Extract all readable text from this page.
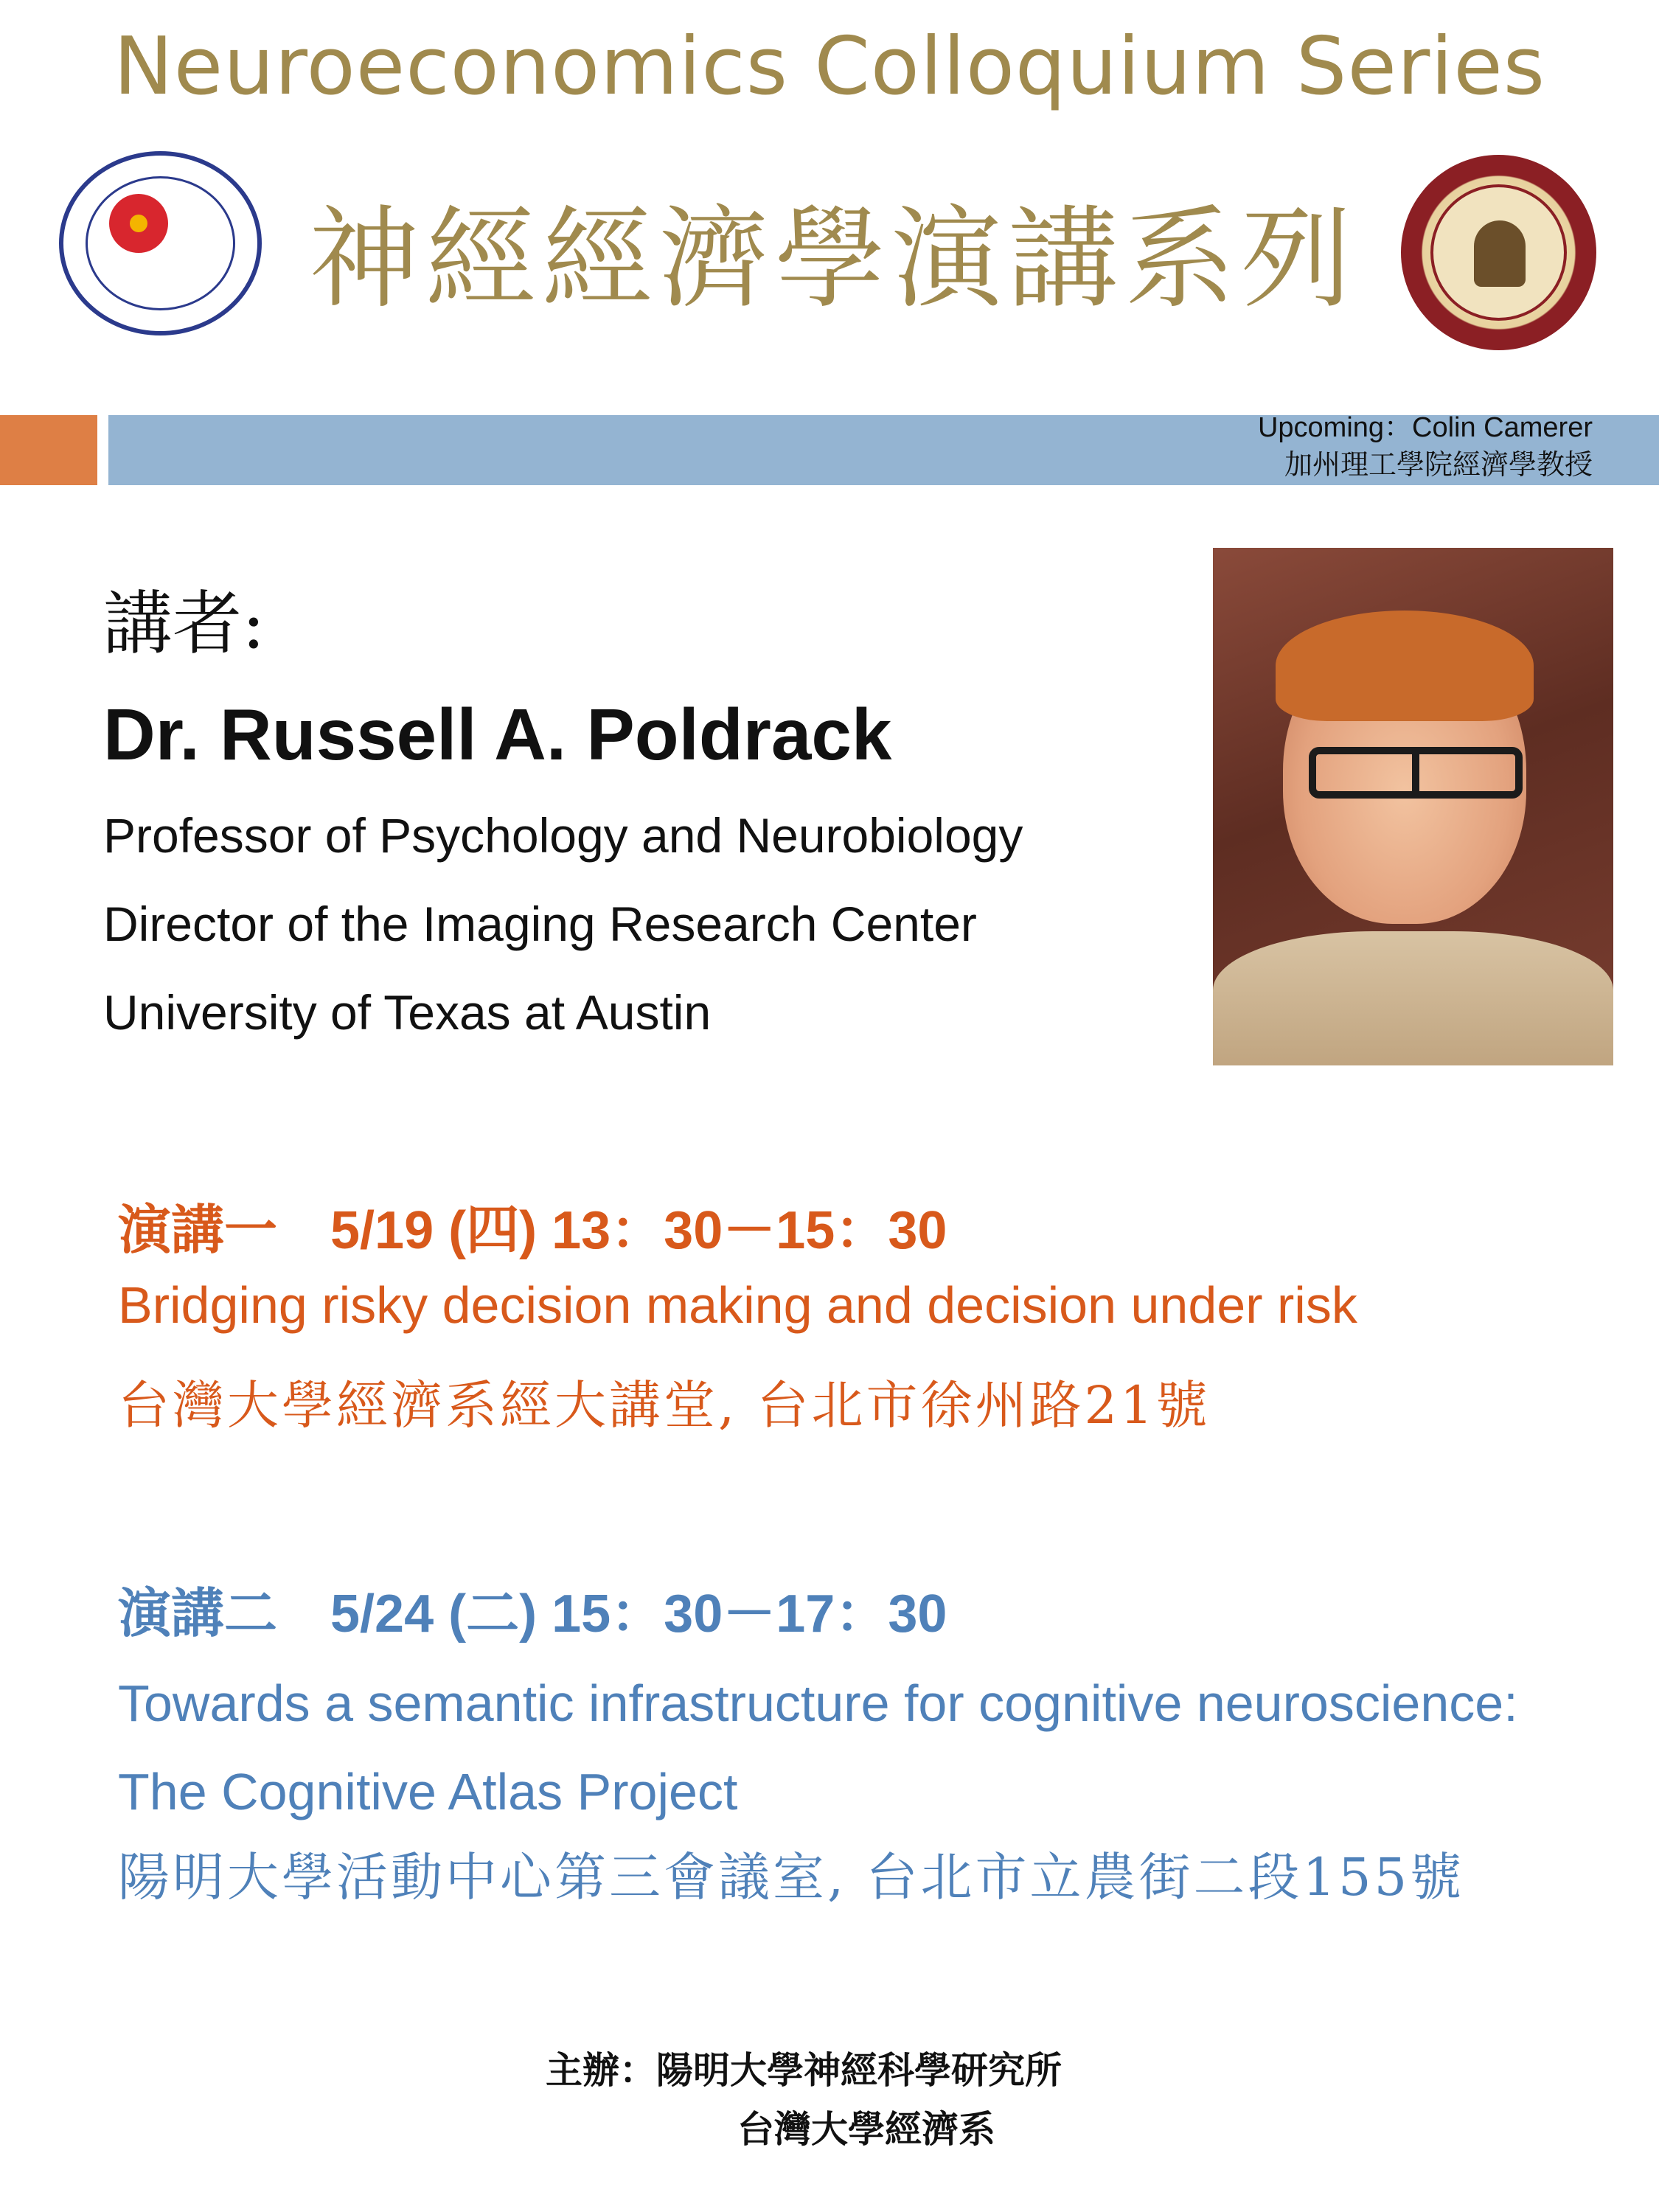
Neuroeconomics Colloquium Series
神經經濟學演講系列
Upcoming：Colin Camerer
加州理工學院經濟學教授
講者:
Dr. Russell A. Poldrack
Professor of Psychology and Neurobiology
Director of the Imaging Research Center
University of Texas at Austin
演講一　5/19 (四) 13：30－15：30
Bridging risky decision making and decision under risk
台灣大學經濟系經大講堂, 台北市徐州路21號
演講二　5/24 (二) 15：30－17：30
Towards a semantic infrastructure for cognitive neuroscience: The Cognitive Atlas Project
陽明大學活動中心第三會議室, 台北市立農街二段155號
主辦：陽明大學神經科學研究所
台灣大學經濟系
